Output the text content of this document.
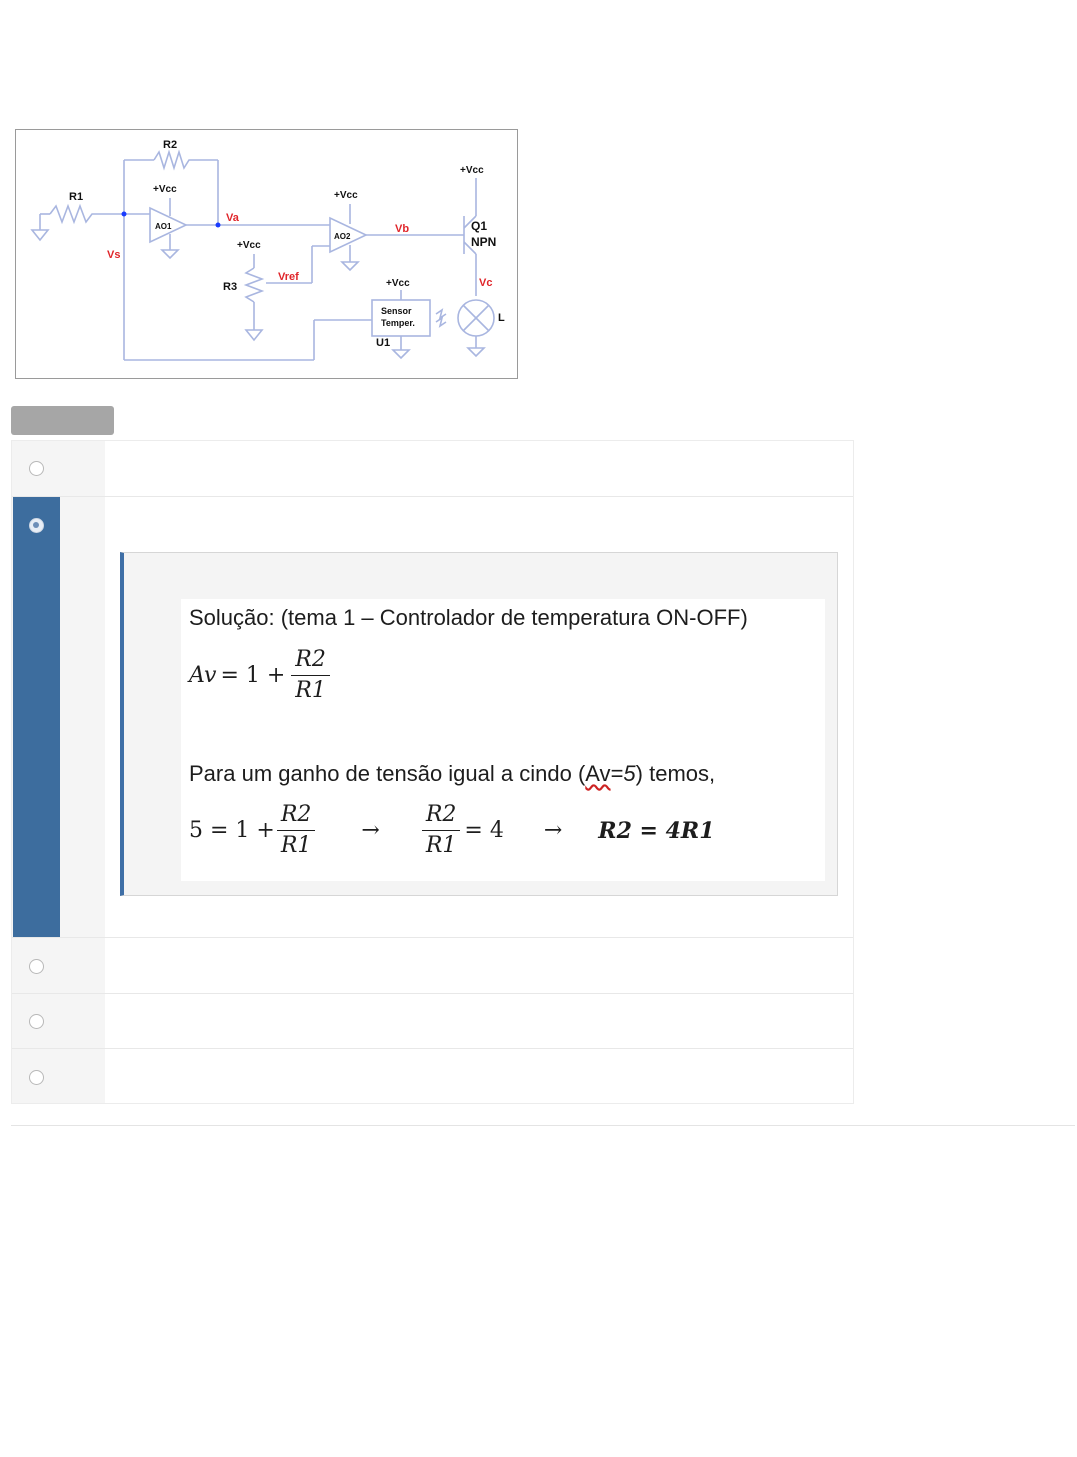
R2
R1
+Vcc
AO1
Va
Vs
+Vcc
AO2
Vb
+Vcc
R3
Vref
+Vcc
Sensor
Temper.
U1
+Vcc
Q1
NPN
Vc
L
Solução: (tema 1 – Controlador de temperatura ON-OFF)
$Av = 1 + \frac{R2}{R1}$
Para um ganho de tensão igual a cindo (Av=5) temos,
$5 = 1 + \frac{R2}{R1} \to \frac{R2}{R1} = 4 \to R2 = 4R1$
